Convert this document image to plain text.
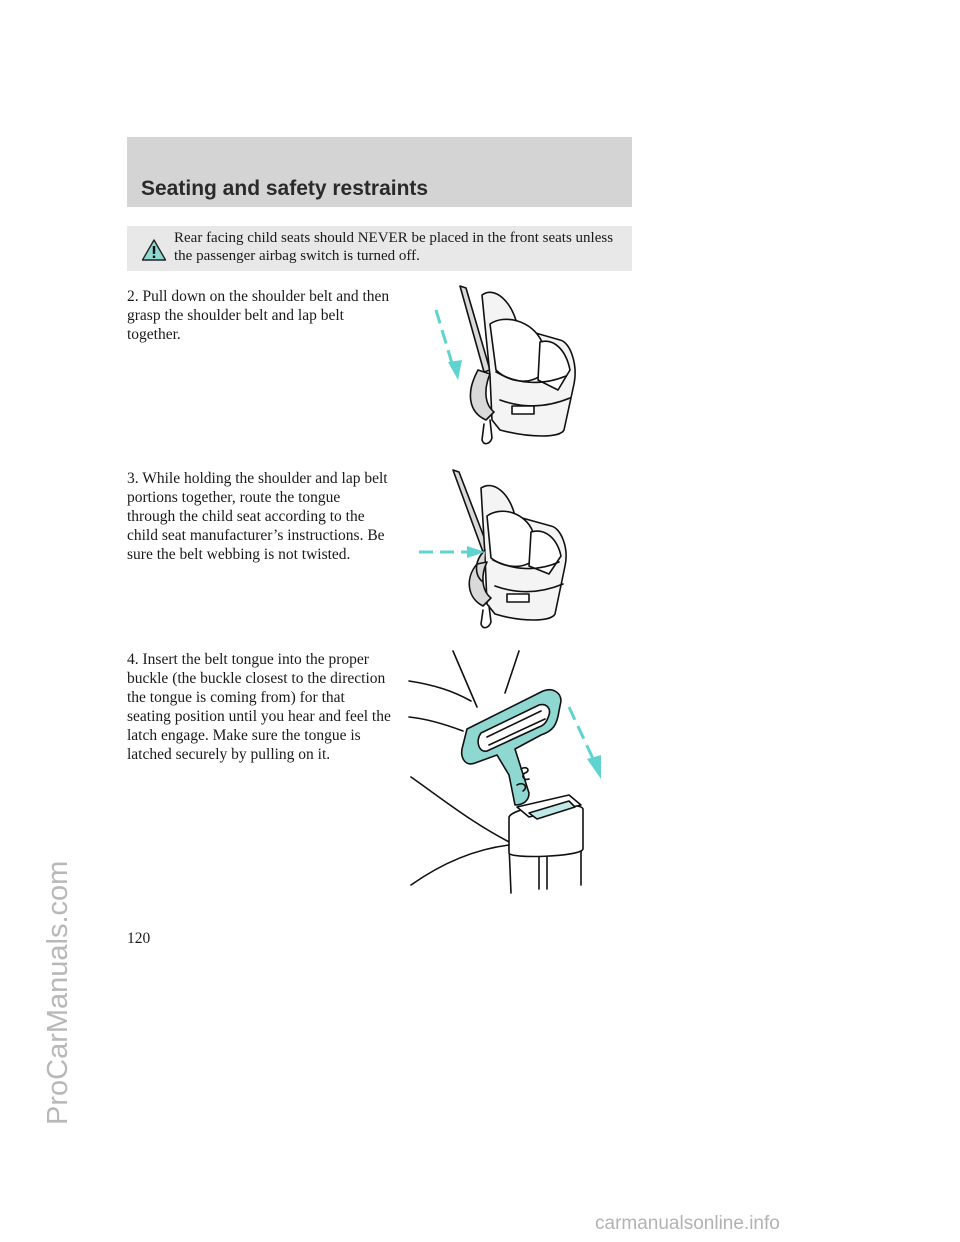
Seating and safety restraints

Rear facing child seats should NEVER be placed in the front seats unless the passenger airbag switch is turned off.

2. Pull down on the shoulder belt and then grasp the shoulder belt and lap belt together.

3. While holding the shoulder and lap belt portions together, route the tongue through the child seat according to the child seat manufacturer’s instructions. Be sure the belt webbing is not twisted.

4. Insert the belt tongue into the proper buckle (the buckle closest to the direction the tongue is coming from) for that seating position until you hear and feel the latch engage. Make sure the tongue is latched securely by pulling on it.

120

ProCarManuals.com
carmanualsonline.info
